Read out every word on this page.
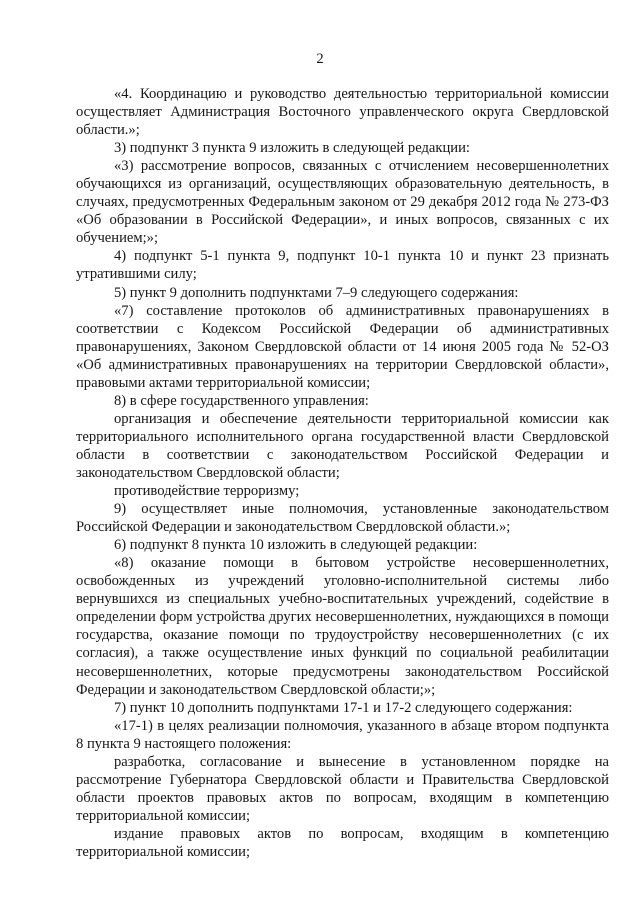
2

«4. Координацию и руководство деятельностью территориальной комиссии осуществляет Администрация Восточного управленческого округа Свердловской области.»;

3) подпункт 3 пункта 9 изложить в следующей редакции:

«3) рассмотрение вопросов, связанных с отчислением несовершеннолетних обучающихся из организаций, осуществляющих образовательную деятельность, в случаях, предусмотренных Федеральным законом от 29 декабря 2012 года № 273-ФЗ «Об образовании в Российской Федерации», и иных вопросов, связанных с их обучением;»;

4) подпункт 5-1 пункта 9, подпункт 10-1 пункта 10 и пункт 23 признать утратившими силу;

5) пункт 9 дополнить подпунктами 7–9 следующего содержания:

«7) составление протоколов об административных правонарушениях в соответствии с Кодексом Российской Федерации об административных правонарушениях, Законом Свердловской области от 14 июня 2005 года № 52-ОЗ «Об административных правонарушениях на территории Свердловской области», правовыми актами территориальной комиссии;

8) в сфере государственного управления:

организация и обеспечение деятельности территориальной комиссии как территориального исполнительного органа государственной власти Свердловской области в соответствии с законодательством Российской Федерации и законодательством Свердловской области;

противодействие терроризму;

9) осуществляет иные полномочия, установленные законодательством Российской Федерации и законодательством Свердловской области.»;

6) подпункт 8 пункта 10 изложить в следующей редакции:

«8) оказание помощи в бытовом устройстве несовершеннолетних, освобожденных из учреждений уголовно-исполнительной системы либо вернувшихся из специальных учебно-воспитательных учреждений, содействие в определении форм устройства других несовершеннолетних, нуждающихся в помощи государства, оказание помощи по трудоустройству несовершеннолетних (с их согласия), а также осуществление иных функций по социальной реабилитации несовершеннолетних, которые предусмотрены законодательством Российской Федерации и законодательством Свердловской области;»;

7) пункт 10 дополнить подпунктами 17-1 и 17-2 следующего содержания:

«17-1) в целях реализации полномочия, указанного в абзаце втором подпункта 8 пункта 9 настоящего положения:

разработка, согласование и вынесение в установленном порядке на рассмотрение Губернатора Свердловской области и Правительства Свердловской области проектов правовых актов по вопросам, входящим в компетенцию территориальной комиссии;

издание правовых актов по вопросам, входящим в компетенцию территориальной комиссии;
